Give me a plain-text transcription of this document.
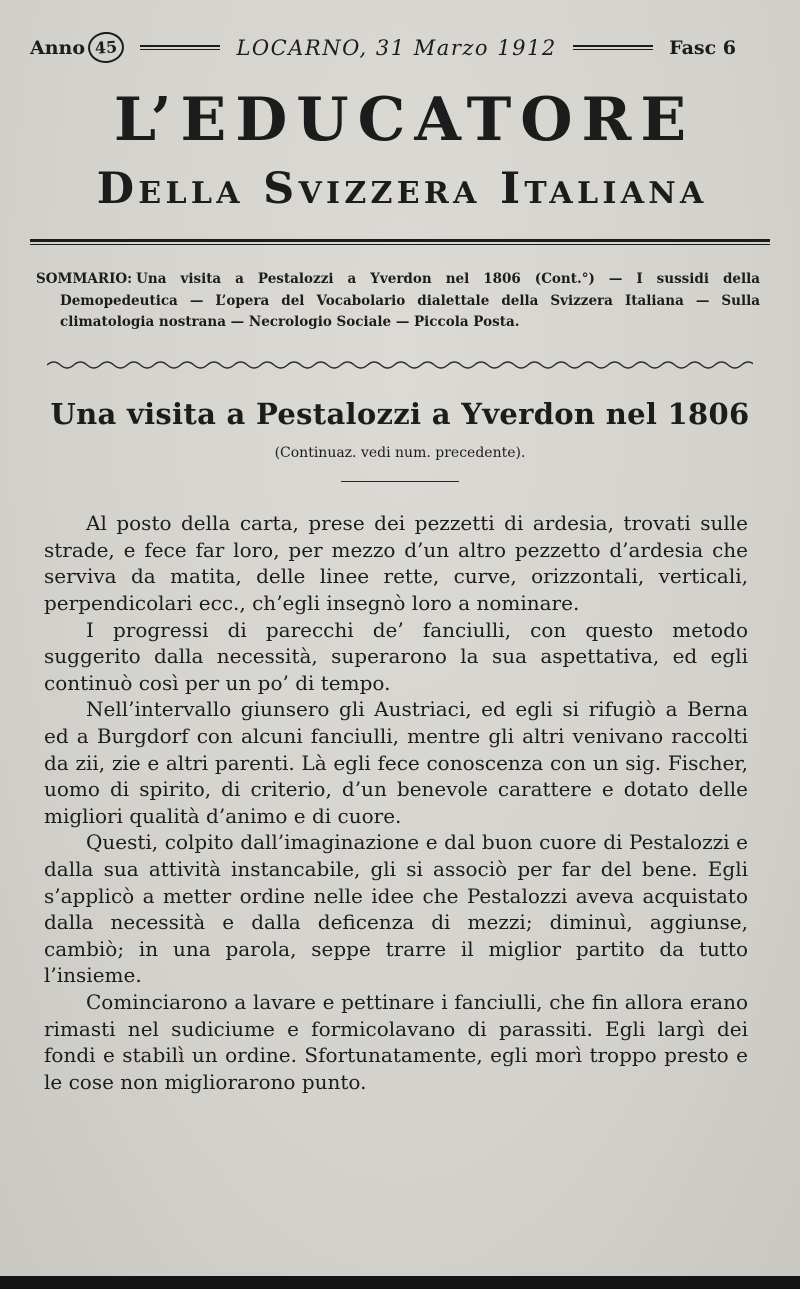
Anno 45	LOCARNO, 31 Marzo 1912	Fasc 6
L’EDUCATORE
Della Svizzera Italiana

SOMMARIO: Una visita a Pestalozzi a Yverdon nel 1806 (Cont.°) — I sussidi della Demopedeutica — L’opera del Vocabolario dialettale della Svizzera Italiana — Sulla climatologia nostrana — Necrologio Sociale — Piccola Posta.

Una visita a Pestalozzi a Yverdon nel 1806

(Continuaz. vedi num. precedente).

Al posto della carta, prese dei pezzetti di ardesia, trovati sulle strade, e fece far loro, per mezzo d’un altro pezzetto d’ardesia che serviva da matita, delle linee rette, curve, orizzontali, verticali, perpendicolari ecc., ch’egli insegnò loro a nominare.

I progressi di parecchi de’ fanciulli, con questo metodo suggerito dalla necessità, superarono la sua aspettativa, ed egli continuò così per un po’ di tempo.

Nell’intervallo giunsero gli Austriaci, ed egli si rifugiò a Berna ed a Burgdorf con alcuni fanciulli, mentre gli altri venivano raccolti da zii, zie e altri parenti. Là egli fece conoscenza con un sig. Fischer, uomo di spirito, di criterio, d’un benevole carattere e dotato delle migliori qualità d’animo e di cuore.

Questi, colpito dall’imaginazione e dal buon cuore di Pestalozzi e dalla sua attività instancabile, gli si associò per far del bene. Egli s’applicò a metter ordine nelle idee che Pestalozzi aveva acquistato dalla necessità e dalla deficenza di mezzi; diminuì, aggiunse, cambiò; in una parola, seppe trarre il miglior partito da tutto l’insieme.

Cominciarono a lavare e pettinare i fanciulli, che fin allora erano rimasti nel sudiciume e formicolavano di parassiti. Egli largì dei fondi e stabilì un ordine. Sfortunatamente, egli morì troppo presto e le cose non migliorarono punto.
